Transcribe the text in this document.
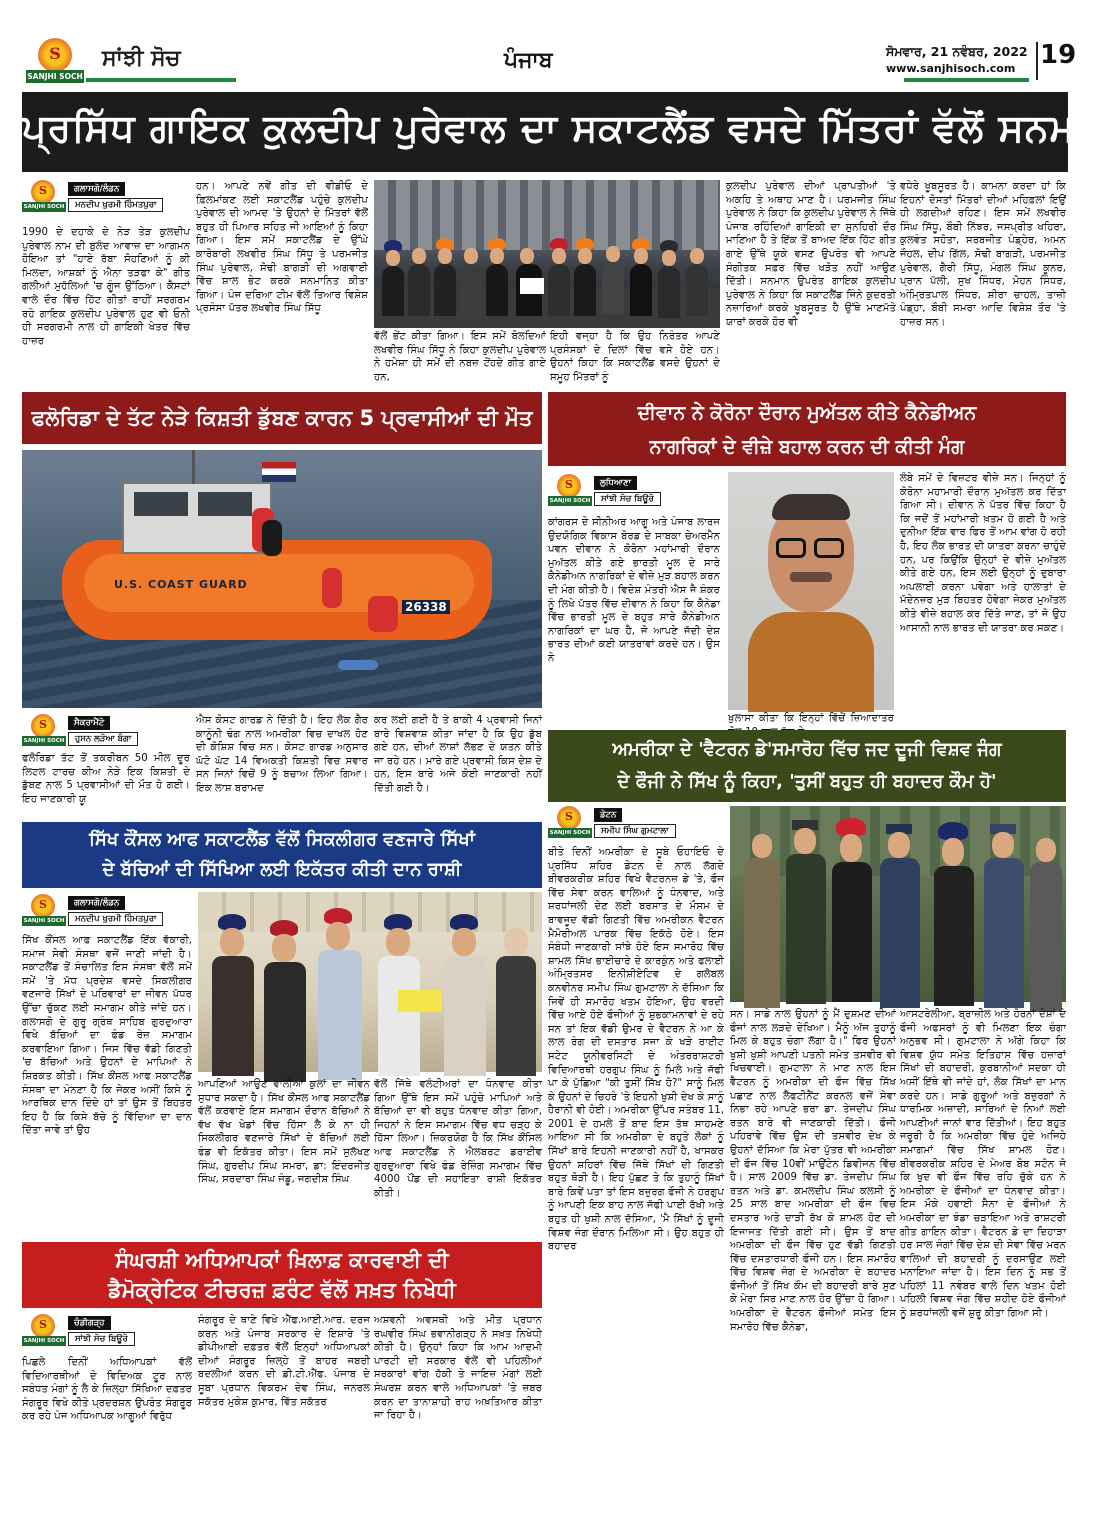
S
SANJHI SOCH
ਸਾਂਝੀ ਸੋਚ	ਪੰਜਾਬ	ਸੋਮਵਾਰ, 21 ਨਵੰਬਰ, 2022
www.sanjhisoch.com 19
ਪ੍ਰਸਿੱਧ ਗਾਇਕ ਕੁਲਦੀਪ ਪੁਰੇਵਾਲ ਦਾ ਸਕਾਟਲੈਂਡ ਵਸਦੇ ਮਿੱਤਰਾਂ ਵੱਲੋਂ ਸਨਮਾਨ
S
SANJHI SOCH
ਗਲਾਸਗੋ/ਲੰਡਨ
ਮਨਦੀਪ ਖੁਰਮੀ ਹਿੰਮਤਪੁਰਾ
1990 ਦੇ ਦਹਾਕੇ ਦੇ ਨੇੜ ਤੇੜ ਕੁਲਦੀਪ ਪੁਰੇਵਾਲ ਨਾਮ ਦੀ ਬੁਲੰਦ ਆਵਾਜ਼ ਦਾ ਆਗਮਨ ਹੋਇਆ ਤਾਂ "ਹਾਏ ਰੱਬਾ ਸੋਹਣਿਆਂ ਨੂੰ ਕੀ ਮਿਲਦਾ, ਆਸ਼ਕਾਂ ਨੂੰ ਐਨਾ ਤੜਫਾ ਕੇ" ਗੀਤ ਗਲੀਆਂ ਮੁਹੱਲਿਆਂ 'ਚ ਗੂੰਜ ਉੱਠਿਆ। ਕੈਸਟਾਂ ਵਾਲੇ ਦੌਰ ਵਿੱਚ ਹਿੱਟ ਗੀਤਾਂ ਰਾਹੀਂ ਸਰਗਰਮ ਰਹੇ ਗਾਇਕ ਕੁਲਦੀਪ ਪੁਰੇਵਾਲ ਹੁਣ ਵੀ ਓਨੀ ਹੀ ਸਰਗਰਮੀ ਨਾਲ ਹੀ ਗਾਇਕੀ ਖੇਤਰ ਵਿੱਚ ਹਾਜ਼ਰ
ਹਨ। ਆਪਣੇ ਨਵੇਂ ਗੀਤ ਦੀ ਵੀਡੀਓ ਦੇ ਫ਼ਿਲਮਾਂਕਣ ਲਈ ਸਕਾਟਲੈਂਡ ਪਹੁੰਚੇ ਕੁਲਦੀਪ ਪੁਰੇਵਾਲ ਦੀ ਆਮਦ 'ਤੇ ਉਹਨਾਂ ਦੇ ਮਿੱਤਰਾਂ ਵੱਲੋਂ ਬਹੁਤ ਹੀ ਪਿਆਰ ਸਹਿਤ ਜੀ ਆਇਆਂ ਨੂੰ ਕਿਹਾ ਗਿਆ। ਇਸ ਸਮੇਂ ਸਕਾਟਲੈਂਡ ਦੇ ਉੱਘੇ ਕਾਰੋਬਾਰੀ ਲਖਵੀਰ ਸਿੰਘ ਸਿੱਧੂ ਤੇ ਪਰਮਜੀਤ ਸਿੰਘ ਪੁਰੇਵਾਲ, ਸੋਢੀ ਬਾਗੜੀ ਦੀ ਅਗਵਾਈ ਵਿੱਚ ਸ਼ਾਲ ਭੇਟ ਕਰਕੇ ਸਨਮਾਨਿਤ ਕੀਤਾ ਗਿਆ। ਪੰਜ ਦਰਿਆ ਟੀਮ ਵੱਲੋਂ ਤਿਆਰ ਵਿਸ਼ੇਸ਼ ਪ੍ਰਸੰਸਾ ਪੱਤਰ ਲਖਵੀਰ ਸਿੰਘ ਸਿੱਧੂ
ਵੱਲੋਂ ਭੇਂਟ ਕੀਤਾ ਗਿਆ। ਇਸ ਸਮੇਂ ਬੋਲਦਿਆਂ ਲਖਵੀਰ ਸਿੰਘ ਸਿੱਧੂ ਨੇ ਕਿਹਾ ਕੁਲਦੀਪ ਪੁਰੇਵਾਲ ਨੇ ਹਮੇਸ਼ਾ ਹੀ ਸਮੇਂ ਦੀ ਨਬਜ਼ ਟੋਂਹਦੇ ਗੀਤ ਗਾਏ ਹਨ,
ਇਹੀ ਵਜ੍ਹਾ ਹੈ ਕਿ ਉਹ ਨਿਰੰਤਰ ਆਪਣੇ ਪ੍ਰਸੰਸਕਾਂ ਦੇ ਦਿਲਾਂ ਵਿੱਚ ਵਸੇ ਹੋਏ ਹਨ। ਉਹਨਾਂ ਕਿਹਾ ਕਿ ਸਕਾਟਲੈਂਡ ਵਸਦੇ ਉਹਨਾਂ ਦੇ ਸਮੂਹ ਮਿੱਤਰਾਂ ਨੂੰ
ਕੁਲਦੀਪ ਪੁਰੇਵਾਲ ਦੀਆਂ ਪ੍ਰਾਪਤੀਆਂ 'ਤੇ ਅਕਹਿ ਤੇ ਅਥਾਹ ਮਾਣ ਹੈ। ਪਰਮਜੀਤ ਸਿੰਘ ਪੁਰੇਵਾਲ ਨੇ ਕਿਹਾ ਕਿ ਕੁਲਦੀਪ ਪੁਰੇਵਾਲ ਨੇ ਜਿੱਥੇ ਪੰਜਾਬ ਰਹਿੰਦਿਆਂ ਗਾਇਕੀ ਦਾ ਸੁਨਹਿਰੀ ਦੌਰ ਮਾਣਿਆ ਹੈ ਤੇ ਇੱਕ ਤੋਂ ਬਾਅਦ ਇੱਕ ਹਿੱਟ ਗੀਤ ਗਾਏ ਉੱਥੇ ਯੂਕੇ ਵਸਣ ਉਪਰੰਤ ਵੀ ਆਪਣੇ ਸੰਗੀਤਕ ਸਫ਼ਰ ਵਿੱਚ ਖੜੋਤ ਨਹੀਂ ਆਉਣ ਦਿੱਤੀ। ਸਨਮਾਨ ਉਪਰੰਤ ਗਾਇਕ ਕੁਲਦੀਪ ਪੁਰੇਵਾਲ ਨੇ ਕਿਹਾ ਕਿ ਸਕਾਟਲੈਂਡ ਜਿੰਨੇ ਕੁਦਰਤੀ ਨਜ਼ਾਰਿਆਂ ਕਰਕੇ ਖੂਬਸੂਰਤ ਹੈ ਉੱਥੇ ਮਾਣਮੱਤੇ ਯਾਰਾਂ ਕਰਕੇ ਹੋਰ ਵੀ
ਵਧੇਰੇ ਖੂਬਸੂਰਤ ਹੈ। ਕਾਮਨਾ ਕਰਦਾ ਹਾਂ ਕਿ ਇਹਨਾਂ ਦੋਸਤਾਂ ਮਿੱਤਰਾਂ ਦੀਆਂ ਮਹਿਫ਼ਲਾਂ ਇਉਂ ਹੀ ਲਗਦੀਆਂ ਰਹਿਣ। ਇਸ ਸਮੇਂ ਲਖਵੀਰ ਸਿੰਘ ਸਿੱਧੂ, ਬੌਬੀ ਨਿੱਝਰ, ਜਸਪ੍ਰੀਤ ਖਹਿਰਾ, ਕੁਲਵੰਤ ਸਹੋਤਾ, ਸਰਬਜੀਤ ਪੰਡ੍ਹੇਰ, ਅਮਨ ਜੌਹਲ, ਦੀਪ ਗਿੱਲ, ਸੋਢੀ ਬਾਗੜੀ, ਪਰਮਜੀਤ ਪੁਰੇਵਾਲ, ਗੈਰੀ ਸਿੱਧੂ, ਮੰਗਲ ਸਿੰਘ ਕੂਨਰ, ਪ੍ਰਾਨ ਪੱਲੀ, ਸੁਖ ਸਿੰਧਰ, ਮੋਹਨ ਸਿੰਧਰ, ਅੰਮ੍ਰਿਤਪਾਲ ਸਿੰਧਰ, ਸ਼ੀਰਾ ਚਾਹਲ, ਤਾਜ਼ੀ ਪੰਡ੍ਹਾ, ਬੌਬੀ ਸਮਰਾ ਆਦਿ ਵਿਸ਼ੇਸ਼ ਤੌਰ 'ਤੇ ਹਾਜ਼ਰ ਸਨ।
ਫਲੋਰਿਡਾ ਦੇ ਤੱਟ ਨੇੜੇ ਕਿਸ਼ਤੀ ਡੁੱਬਣ ਕਾਰਨ 5 ਪ੍ਰਵਾਸੀਆਂ ਦੀ ਮੌਤ
U.S. COAST GUARD
26338
S
SANJHI SOCH
ਸੈਕਰਾਮੈਂਟੋ
ਹੁਸਨ ਲੜੋਆ ਬੰਗਾ
ਫਲੋਰਿਡਾ ਤੱਟ ਤੋਂ ਤਕਰੀਬਨ 50 ਮੀਲ ਦੂਰ ਲਿਟਲ ਟਾਰਚ ਕੀਅ ਨੇੜੇ ਇਕ ਕਿਸ਼ਤੀ ਦੇ ਡੁੱਬਣ ਨਾਲ 5 ਪ੍ਰਵਾਸੀਆਂ ਦੀ ਮੌਤ ਹੋ ਗਈ। ਇਹ ਜਾਣਕਾਰੀ ਯੂ
ਐਸ ਕੋਸਟ ਗਾਰਡ ਨੇ ਦਿੱਤੀ ਹੈ। ਇਹ ਲੋਕ ਗੈਰ ਕਾਨੂੰਨੀ ਢੰਗ ਨਾਲ ਅਮਰੀਕਾ ਵਿਚ ਦਾਖਲ ਹੋਣ ਦੀ ਕੋਸ਼ਿਸ਼ ਵਿਚ ਸਨ। ਕੋਸਟ ਗਾਰਡ ਅਨੁਸਾਰ ਘੱਟੋ ਘੱਟ 14 ਵਿਅਕਤੀ ਕਿਸ਼ਤੀ ਵਿਚ ਸਵਾਰ ਸਨ ਜਿਨਾਂ ਵਿਚੋਂ 9 ਨੂੰ ਬਚਾਅ ਲਿਆ ਗਿਆ। ਇਕ ਲਾਸ਼ ਬਰਾਮਦ
ਕਰ ਲਈ ਗਈ ਹੈ ਤੇ ਬਾਕੀ 4 ਪ੍ਰਵਾਸੀ ਜਿਨਾਂ ਬਾਰੇ ਵਿਸ਼ਵਾਸ਼ ਕੀਤਾ ਜਾਂਦਾ ਹੈ ਕਿ ਉਹ ਡੁੱਬ ਗਏ ਹਨ, ਦੀਆਂ ਲਾਸ਼ਾਂ ਲੱਭਣ ਦੇ ਯਤਨ ਕੀਤੇ ਜਾ ਰਹੇ ਹਨ। ਮਾਰੇ ਗਏ ਪ੍ਰਵਾਸੀ ਕਿਸ ਦੇਸ਼ ਦੇ ਹਨ, ਇਸ ਬਾਰੇ ਅਜੇ ਕੋਈ ਜਾਣਕਾਰੀ ਨਹੀਂ ਦਿੱਤੀ ਗਈ ਹੈ।
ਦੀਵਾਨ ਨੇ ਕੋਰੋਨਾ ਦੌਰਾਨ ਮੁਅੱਤਲ ਕੀਤੇ ਕੈਨੇਡੀਅਨ
ਨਾਗਰਿਕਾਂ ਦੇ ਵੀਜ਼ੇ ਬਹਾਲ ਕਰਨ ਦੀ ਕੀਤੀ ਮੰਗ
S
SANJHI SOCH
ਲੁਧਿਆਣਾ
ਸਾਂਝੀ ਸੋਚ ਬਿਊਰੋ
ਕਾਂਗਰਸ ਦੇ ਸੀਨੀਅਰ ਆਗੂ ਅਤੇ ਪੰਜਾਬ ਲਾਰਜ ਉਦਯੋਗਿਕ ਵਿਕਾਸ ਬੋਰਡ ਦੇ ਸਾਬਕਾ ਚੇਅਰਮੈਨ ਪਵਨ ਦੀਵਾਨ ਨੇ ਕੋਰੋਨਾ ਮਹਾਂਮਾਰੀ ਦੌਰਾਨ ਮੁਅੱਤਲ ਕੀਤੇ ਗਏ ਭਾਰਤੀ ਮੂਲ ਦੇ ਸਾਰੇ ਕੈਨੇਡੀਅਨ ਨਾਗਰਿਕਾਂ ਦੇ ਵੀਜ਼ੇ ਮੁੜ ਬਹਾਲ ਕਰਨ ਦੀ ਮੰਗ ਕੀਤੀ ਹੈ। ਵਿਦੇਸ਼ ਮੰਤਰੀ ਐਸ ਜੈ ਸ਼ੰਕਰ ਨੂੰ ਲਿਖੇ ਪੱਤਰ ਵਿੱਚ ਦੀਵਾਨ ਨੇ ਕਿਹਾ ਕਿ ਕੈਨੇਡਾ ਵਿੱਚ ਭਾਰਤੀ ਮੂਲ ਦੇ ਬਹੁਤ ਸਾਰੇ ਕੈਨੇਡੀਅਨ ਨਾਗਰਿਕਾਂ ਦਾ ਘਰ ਹੈ, ਜੋ ਆਪਣੇ ਜੱਦੀ ਦੇਸ਼ ਭਾਰਤ ਦੀਆਂ ਕਈ ਯਾਤਰਾਵਾਂ ਕਰਦੇ ਹਨ। ਉਸ ਨੇ
ਖੁਲਾਸਾ ਕੀਤਾ ਕਿ ਇਨ੍ਹਾਂ ਵਿੱਚੋਂ ਜ਼ਿਆਦਾਤਰ
ਲੰਬੇ ਸਮੇਂ ਦੇ ਵਿਜ਼ਟਰ ਵੀਜ਼ੇ ਸਨ। ਜਿਨ੍ਹਾਂ ਨੂੰ ਕੋਰੋਨਾ ਮਹਾਮਾਰੀ ਦੌਰਾਨ ਮੁਅੱਤਲ ਕਰ ਦਿੱਤਾ ਗਿਆ ਸੀ। ਦੀਵਾਨ ਨੇ ਪੱਤਰ ਵਿੱਚ ਕਿਹਾ ਹੈ ਕਿ ਜਦੋਂ ਤੋਂ ਮਹਾਂਮਾਰੀ ਖ਼ਤਮ ਹੋ ਗਈ ਹੈ ਅਤੇ ਦੁਨੀਆ ਇੱਕ ਵਾਰ ਫਿਰ ਤੋਂ ਆਮ ਵਾਂਗ ਹੋ ਰਹੀ ਹੈ, ਇਹ ਲੋਕ ਭਾਰਤ ਦੀ ਯਾਤਰਾ ਕਰਨਾ ਚਾਹੁੰਦੇ ਹਨ, ਪਰ ਕਿਉਂਕਿ ਉਨ੍ਹਾਂ ਦੇ ਵੀਜ਼ੇ ਮੁਅੱਤਲ ਕੀਤੇ ਗਏ ਹਨ, ਇਸ ਲਈ ਉਨ੍ਹਾਂ ਨੂੰ ਦੁਬਾਰਾ ਅਪਲਾਈ ਕਰਨਾ ਪਵੇਗਾ ਅਤੇ ਹਾਲਾਤਾਂ ਦੇ ਮੱਦੇਨਜ਼ਰ ਮੁੜ ਬਿਹਤਰ ਹੋਵੇਗਾ ਜੇਕਰ ਮੁਅੱਤਲ ਕੀਤੇ ਵੀਜ਼ੇ ਬਹਾਲ ਕਰ ਦਿੱਤੇ ਜਾਣ, ਤਾਂ ਜੋ ਉਹ ਆਸਾਨੀ ਨਾਲ ਭਾਰਤ ਦੀ ਯਾਤਰਾ ਕਰ ਸਕਣ।
ਅਮਰੀਕਾ ਦੇ 'ਵੈਟਰਨ ਡੇ'ਸਮਾਰੋਹ ਵਿੱਚ ਜਦ ਦੂਜੀ ਵਿਸ਼ਵ ਜੰਗ
ਦੇ ਫੌਜੀ ਨੇ ਸਿੱਖ ਨੂੰ ਕਿਹਾ, 'ਤੁਸੀਂ ਬਹੁਤ ਹੀ ਬਹਾਦਰ ਕੌਮ ਹੋ'
S
SANJHI SOCH
ਡੇਟਨ
ਸਮੀਪ ਸਿੰਘ ਗੁਮਟਾਲਾ
ਬੀਤੇ ਦਿਨੀਂ ਅਮਰੀਕਾ ਦੇ ਸੂਬੇ ਓਹਾਇਓ ਦੇ ਪ੍ਰਸਿੱਧ ਸ਼ਹਿਰ ਡੇਟਨ ਦੇ ਨਾਲ ਲੱਗਦੇ ਬੀਵਰਕਰੀਕ ਸ਼ਹਿਰ ਵਿਖੇ ਵੈਟਰਨਜ਼ ਡੇ 'ਤੇ, ਫੌਜ ਵਿੱਚ ਸੇਵਾ ਕਰਨ ਵਾਲਿਆਂ ਨੂੰ ਧੰਨਵਾਦ, ਅਤੇ ਸ਼ਰਧਾਂਜਲੀ ਦੇਣ ਲਈ ਬਰਸਾਤ ਦੇ ਮੌਸਮ ਦੇ ਬਾਵਜੂਦ ਵੱਡੀ ਗਿਣਤੀ ਵਿੱਚ ਅਮਰੀਕਨ ਵੈਟਰਨ ਮੈਮੋਰੀਅਲ ਪਾਰਕ ਵਿੱਚ ਇਕੱਠੇ ਹੋਏ। ਇਸ ਸੰਬੰਧੀ ਜਾਣਕਾਰੀ ਸਾਂਝੇ ਹੋਏ ਇਸ ਸਮਾਰੋਹ ਵਿੱਚ ਸ਼ਾਮਲ ਸਿੱਖ ਭਾਈਚਾਰੇ ਦੇ ਕਾਰਕੁੰਨ ਅਤੇ ਫਲਾਈ ਅੰਮ੍ਰਿਤਸਰ ਇਨੀਸ਼ੀਏਟਿਵ ਦੇ ਗਲੋਬਲ ਕਨਵੀਨਰ ਸਮੀਪ ਸਿੰਘ ਗੁਮਟਾਲਾ ਨੇ ਦੱਸਿਆ ਕਿ ਜਿਵੇਂ ਹੀ ਸਮਾਰੋਹ ਖਤਮ ਹੋਇਆ, ਉਹ ਵਰਦੀ ਵਿੱਚ ਆਏ ਹੋਏ ਫੌਜੀਆਂ ਨੂੰ ਸ਼ੁਭਕਾਮਨਾਵਾਂ ਦੇ ਰਹੇ ਸਨ ਤਾਂ ਇਕ ਵੱਡੀ ਉਮਰ ਦੇ ਵੈਟਰਨ ਨੇ ਆ ਕੇ ਲਾਲ ਰੰਗ ਦੀ ਦਸਤਾਰ ਸਜਾ ਕੇ ਖੜੇ ਰਾਈਟ ਸਟੇਟ ਯੂਨੀਵਰਸਿਟੀ ਦੇ ਅੰਤਰਰਾਸ਼ਟਰੀ ਵਿਦਿਆਰਥੀ ਹਰਗੁਪ ਸਿੰਘ ਨੂੰ ਮਿਲੇ ਅਤੇ ਜੱਫੀ ਪਾ ਕੇ ਪੁੱਛਿਆ "ਕੀ ਤੁਸੀਂ ਸਿੱਖ ਹੋ?" ਸਾਨੂੰ ਮਿਲ ਕੇ ਉਹਨਾਂ ਦੇ ਚਿਹਰੇ 'ਤੇ ਇਹਨੀ ਖੁਸ਼ੀ ਦੇਖ ਕੇ ਸਾਨੂੰ ਹੈਰਾਨੀ ਵੀ ਹੋਈ। ਅਮਰੀਕਾ ਉੱਪਰ ਸਤੰਬਰ 11, 2001 ਦੇ ਹਮਲੇ ਤੋਂ ਬਾਦ ਇਸ ਤੱਥ ਸਾਹਮਣੇ ਆਇਆ ਸੀ ਕਿ ਅਮਰੀਕਾ ਦੇ ਬਹੁਤੇ ਲੋਕਾਂ ਨੂੰ ਸਿੱਖਾਂ ਬਾਰੇ ਇਹਨੀ ਜਾਣਕਾਰੀ ਨਹੀਂ ਹੈ, ਖਾਸਕਰ ਉਹਨਾਂ ਸ਼ਹਿਰਾਂ ਵਿੱਚ ਜਿੱਥੇ ਸਿੱਖਾਂ ਦੀ ਗਿਣਤੀ ਬਹੁਤ ਥੋੜੀ ਹੈ। ਇਹ ਪੁੱਛਣ ਤੇ ਕਿ ਤੁਹਾਨੂੰ ਸਿੱਖਾਂ ਬਾਰੇ ਕਿਵੇਂ ਪਤਾ ਤਾਂ ਇਸ ਬਜ਼ੁਰਗ ਫੌਜੀ ਨੇ ਹਰਗੁਪ ਨੂੰ ਆਪਣੀ ਇਕ ਬਾਹ ਨਾਲ ਜੱਫੀ ਪਾਈ ਰੱਖੀ ਅਤੇ ਬਹੁਤ ਹੀ ਖੁਸ਼ੀ ਨਾਲ ਦੱਸਿਆ, 'ਮੈ ਸਿੱਖਾਂ ਨੂੰ ਦੂਜੀ ਵਿਸ਼ਵ ਜੰਗ ਦੌਰਾਨ ਮਿਲਿਆ ਸੀ। ਉਹ ਬਹੁਤ ਹੀ ਬਹਾਦਰ
ਸਨ। ਸਾਡੇ ਨਾਲ ਉਹਨਾਂ ਨੂੰ ਮੈਂ ਦੁਸ਼ਮਣ ਦੀਆਂ ਫੌਜਾਂ ਨਾਲ ਲੜਦੇ ਦੇਖਿਆ। ਮੈਨੂੰ ਅੱਜ ਤੁਹਾਨੂੰ ਮਿਲ ਕੇ ਬਹੁਤ ਚੰਗਾ ਲੱਗਾ ਹੈ।" ਫਿਰ ਉਹਨਾਂ ਖੁਸ਼ੀ ਖੁਸ਼ੀ ਆਪਣੀ ਪਤਨੀ ਸਮੇਤ ਤਸਵੀਰ ਵੀ ਖਿਚਵਾਈ। ਗੁਮਟਾਲਾ ਨੇ ਮਾਣ ਨਾਲ ਇਸ ਵੈਟਰਨ ਨੂੰ ਅਮਰੀਕਾ ਦੀ ਫੌਜ ਵਿੱਚ ਸਿੱਖ ਪਛਾਣ ਨਾਲ ਲੈਫਟੀਨੈਂਟ ਕਰਨਲ ਵਜੋਂ ਸੇਵਾ ਨਿਭਾ ਰਹੇ ਆਪਣੇ ਭਰਾ ਡਾ. ਤੇਜਦੀਪ ਸਿੰਘ ਰਤਨ ਬਾਰੇ ਵੀ ਜਾਣਕਾਰੀ ਦਿੱਤੀ। ਫੌਜੀ ਪਹਿਰਾਵੇ ਵਿੱਚ ਉਸ ਦੀ ਤਸਵੀਰ ਦੇਖ ਕੇ ਉਹਨਾਂ ਦੱਸਿਆ ਕਿ ਮੇਰਾ ਪੁੱਤਰ ਵੀ ਅਮਰੀਕਾ ਦੀ ਫੌਜ ਵਿੱਚ 10ਵੀਂ ਮਾਉਂਟੇਨ ਡਿਵੀਜਨ ਵਿੱਚ ਹੈ। ਸਾਲ 2009 ਵਿੱਚ ਡਾ. ਤੇਜਦੀਪ ਸਿੰਘ ਰਤਨ ਅਤੇ ਡਾ. ਕਮਲਦੀਪ ਸਿੰਘ ਕਲਸੀ ਨੂੰ 25 ਸਾਲ ਬਾਦ ਅਮਰੀਕਾ ਦੀ ਫੌਜ ਵਿਚ ਦਸਤਾਰ ਅਤੇ ਦਾੜੀ ਰੱਖ ਕੇ ਸ਼ਾਮਲ ਹੋਣ ਦੀ ਇਜਾਜਤ ਦਿੱਤੀ ਗਈ ਸੀ। ਉਸ ਤੋਂ ਬਾਦ ਅਮਰੀਕਾ ਦੀ ਫੌਜ ਵਿੱਚ ਹੁਣ ਵੱਡੀ ਗਿਣਤੀ ਵਿੱਚ ਦਸਤਾਰਧਾਰੀ ਫੌਜੀ ਹਨ। ਇਸ ਸਮਾਰੋਹ ਵਿੱਚ ਵਿਸ਼ਵ ਜੰਗ ਦੇ ਅਮਰੀਕਾ ਦੇ ਬਹਾਦਰ ਫੌਜੀਆਂ ਤੋਂ ਸਿੱਖ ਕੌਮ ਦੀ ਬਹਾਦਰੀ ਬਾਰੇ ਸੁਣ ਕੇ ਮੇਰਾ ਸਿਰ ਮਾਣ ਨਾਲ ਹੋਰ ਉੱਚਾ ਹੋ ਗਿਆ। ਅਮਰੀਕਾ ਦੇ ਵੈਟਰਨ ਫੌਜੀਆਂ ਸਮੇਤ ਇਸ ਸਮਾਰੋਹ ਵਿੱਚ ਕੈਨੇਡਾ,
ਆਸਟਰੇਲੀਆ, ਬ੍ਰਾਜ਼ੀਲ ਅਤੇ ਹੋਰਨਾਂ ਦੇਸ਼ਾਂ ਦੇ ਫੌਜੀ ਅਫਸਰਾਂ ਨੂੰ ਵੀ ਮਿਲਣਾ ਇਕ ਚੰਗਾ ਅਨੁਭਵ ਸੀ। ਗੁਮਟਾਲਾ ਨੇ ਅੱਗੇ ਕਿਹਾ ਕਿ ਵਿਸ਼ਵ ਯੁੱਧ ਸਮੇਤ ਇਤਿਹਾਸ ਵਿੱਚ ਹਜ਼ਾਰਾਂ ਸਿੱਖਾਂ ਦੀ ਬਹਾਦਰੀ, ਕੁਰਬਾਨੀਆਂ ਸਦਕਾ ਹੀ ਅਸੀਂ ਇੱਥੇ ਵੀ ਜਾਂਦੇ ਹਾਂ, ਲੋਕ ਸਿੱਖਾਂ ਦਾ ਮਾਨ ਕਰਦੇ ਹਨ। ਸਾਡੇ ਗੁਰੂਆਂ ਅਤੇ ਬਜ਼ੁਰਗਾਂ ਨੇ ਧਾਰਮਿਕ ਅਜ਼ਾਦੀ, ਸਾਰਿਆਂ ਦੇ ਨਿਆਂ ਲਈ ਆਪਣੀਆਂ ਜਾਨਾਂ ਵਾਰ ਦਿੱਤੀਆਂ। ਇਹ ਬਹੁਤ ਜਰੂਰੀ ਹੈ ਕਿ ਅਮਰੀਕਾ ਵਿੱਚ ਹੁੰਦੇ ਅਜਿਹੇ ਸਮਾਗਮਾਂ ਵਿੱਚ ਸਿੱਖ ਸ਼ਾਮਲ ਹੋਣ। ਬੀਵਰਕਰੀਕ ਸ਼ਹਿਰ ਦੇ ਮੇਅਰ ਬੋਬ ਸਟੋਨ ਜੋ ਕਿ ਖੁਦ ਵੀ ਫੌਜ ਵਿੱਚ ਰਹਿ ਚੁੱਕੇ ਹਨ ਨੇ ਅਮਰੀਕਾ ਦੇ ਫੌਜੀਆਂ ਦਾ ਧੰਨਵਾਦ ਕੀਤਾ। ਇਸ ਮੌਕੇ ਹਵਾਈ ਸੈਨਾ ਦੇ ਫੌਜੀਆਂ ਨੇ ਅਮਰੀਕਾ ਦਾ ਝੰਡਾ ਚੜਾਇਆ ਅਤੇ ਰਾਸ਼ਟਰੀ ਗੀਤ ਗਾਇਨ ਕੀਤਾ। ਵੈਟਰਨ ਡੇ ਦਾ ਦਿਹਾੜਾ ਹਰ ਸਾਲ ਜੰਗਾਂ ਵਿੱਚ ਦੇਸ਼ ਦੀ ਸੇਵਾ ਵਿੱਚ ਮਰਨ ਵਾਲਿਆਂ ਦੀ ਬਹਾਦਰੀ ਨੂੰ ਦਰਸਾਉਣ ਲਈ ਮਨਾਇਆ ਜਾਂਦਾ ਹੈ। ਇਸ ਦਿਨ ਨੂੰ ਸਭ ਤੋਂ ਪਹਿਲਾਂ 11 ਨਵੰਬਰ ਵਾਲੇ ਦਿਨ ਖਤਮ ਹੋਈ ਪਹਿਲੀ ਵਿਸ਼ਵ ਜੰਗ ਵਿੱਚ ਸ਼ਹੀਦ ਹੋਏ ਫੌਜੀਆਂ ਨੂੰ ਸ਼ਰਧਾਂਜਲੀ ਵਜੋਂ ਸ਼ੁਰੂ ਕੀਤਾ ਗਿਆ ਸੀ।
ਸਿੱਖ ਕੌਂਸਲ ਆਫ ਸਕਾਟਲੈਂਡ ਵੱਲੋਂ ਸਿਕਲੀਗਰ ਵਣਜਾਰੇ ਸਿੱਖਾਂ
ਦੇ ਬੱਚਿਆਂ ਦੀ ਸਿੱਖਿਆ ਲਈ ਇਕੱਤਰ ਕੀਤੀ ਦਾਨ ਰਾਸ਼ੀ
S
SANJHI SOCH
ਗਲਾਸਗੋ/ਲੰਡਨ
ਮਨਦੀਪ ਖੁਰਮੀ ਹਿੰਮਤਪੁਰਾ
ਸਿੱਖ ਕੌਂਸਲ ਆਫ ਸਕਾਟਲੈਂਡ ਇੱਕ ਵੱਕਾਰੀ, ਸਮਾਜ ਸੇਵੀ ਸੰਸਥਾ ਵਜੋਂ ਜਾਣੀ ਜਾਂਦੀ ਹੈ। ਸਕਾਟਲੈਂਡ ਤੋਂ ਸੰਚਾਲਿਤ ਇਸ ਸੰਸਥਾ ਵੱਲੋਂ ਸਮੇਂ ਸਮੇਂ 'ਤੇ ਮੱਧ ਪ੍ਰਦੇਸ਼ ਵਸਦੇ ਸਿਕਲੀਗਰ ਵਣਜਾਰੇ ਸਿੱਖਾਂ ਦੇ ਪਰਿਵਾਰਾਂ ਦਾ ਜੀਵਨ ਪੱਧਰ ਉੱਚਾ ਚੁੱਕਣ ਲਈ ਸਮਾਗਮ ਕੀਤੇ ਜਾਂਦੇ ਹਨ। ਗਲਾਸਗੋ ਦੇ ਗੁਰੂ ਗ੍ਰੰਥ ਸਾਹਿਬ ਗੁਰਦੁਆਰਾ ਵਿਖੇ ਬੱਚਿਆਂ ਦਾ ਫੰਡ ਰੇਜ਼ ਸਮਾਗਮ ਕਰਵਾਇਆ ਗਿਆ। ਜਿਸ ਵਿੱਚ ਵੱਡੀ ਗਿਣਤੀ 'ਚ ਬੱਚਿਆਂ ਅਤੇ ਉਹਨਾਂ ਦੇ ਮਾਪਿਆਂ ਨੇ ਸ਼ਿਰਕਤ ਕੀਤੀ। ਸਿੱਖ ਕੌਂਸਲ ਆਫ ਸਕਾਟਲੈਂਡ ਸੰਸਥਾ ਦਾ ਮੰਨਣਾ ਹੈ ਕਿ ਜੇਕਰ ਅਸੀਂ ਕਿਸੇ ਨੂੰ ਆਰਥਿਕ ਦਾਨ ਦਿੰਦੇ ਹਾਂ ਤਾਂ ਉਸ ਤੋਂ ਬਿਹਤਰ ਇਹ ਹੈ ਕਿ ਕਿਸੇ ਬੱਚੇ ਨੂੰ ਵਿੱਦਿਆ ਦਾ ਦਾਨ ਦਿੱਤਾ ਜਾਵੇ ਤਾਂ ਉਹ
ਆਪਣਿਆਂ ਆਉਣ ਵਾਲੀਆਂ ਕੁਲਾਂ ਦਾ ਜੀਵਨ ਸੁਧਾਰ ਸਕਦਾ ਹੈ। ਸਿੱਖ ਕੌਂਸਲ ਆਫ ਸਕਾਟਲੈਂਡ ਵੱਲੋਂ ਕਰਵਾਏ ਇਸ ਸਮਾਗਮ ਦੌਰਾਨ ਬੱਚਿਆਂ ਨੇ ਵੱਖ ਵੱਖ ਖੇਡਾਂ ਵਿੱਚ ਹਿੱਸਾ ਲੈ ਕੇ ਨਾ ਹੀ ਸਿਕਲੀਗਰ ਵਣਜਾਰੇ ਸਿੱਖਾਂ ਦੇ ਬੱਚਿਆਂ ਲਈ ਫੰਡ ਵੀ ਇਕੱਤਰ ਕੀਤਾ। ਇਸ ਸਮੇਂ ਸੁਲੱਖਣ ਸਿੰਘ, ਗੁਰਦੀਪ ਸਿੰਘ ਸਮਰਾ, ਡਾ: ਇੰਦਰਜੀਤ ਸਿੰਘ, ਸਰਦਾਰਾ ਸਿੰਘ ਜੰਡੂ, ਜਗਦੀਸ਼ ਸਿੰਘ
ਵੱਲੋਂ ਜਿੱਥੇ ਵਲੰਟੀਅਰਾਂ ਦਾ ਧੰਨਵਾਦ ਕੀਤਾ ਗਿਆ ਉੱਥੇ ਇਸ ਸਮੇਂ ਪਹੁੰਚੇ ਮਾਪਿਆਂ ਅਤੇ ਬੱਚਿਆਂ ਦਾ ਵੀ ਬਹੁਤ ਧੰਨਵਾਦ ਕੀਤਾ ਗਿਆ, ਜਿਹਨਾਂ ਨੇ ਇਸ ਸਮਾਗਮ ਵਿੱਚ ਵਧ ਚੜ੍ਹ ਕੇ ਹਿੱਸਾ ਲਿਆ। ਜ਼ਿਕਰਯੋਗ ਹੈ ਕਿ ਸਿੱਖ ਕੌਂਸਿਲ ਆਫ ਸਕਾਟਲੈਂਡ ਨੇ ਐਲਬਰਟ ਡਰਾਈਵ ਗੁਰਦੁਆਰਾ ਵਿਖੇ ਫੰਡ ਰੇਜ਼ਿੰਗ ਸਮਾਗਮ ਵਿੱਚ 4000 ਪੌਂਡ ਦੀ ਸਹਾਇਤਾ ਰਾਸ਼ੀ ਇਕੱਤਰ ਕੀਤੀ।
ਸੰਘਰਸ਼ੀ ਅਧਿਆਪਕਾਂ ਖ਼ਿਲਾਫ਼ ਕਾਰਵਾਈ ਦੀ
ਡੈਮੋਕ੍ਰੇਟਿਕ ਟੀਚਰਜ਼ ਫ਼ਰੰਟ ਵੱਲੋਂ ਸਖ਼ਤ ਨਿਖੇਧੀ
S
SANJHI SOCH
ਚੰਡੀਗੜ੍ਹ
ਸਾਂਝੀ ਸੋਚ ਬਿਊਰੋ
ਪਿਛਲੇ ਦਿਨੀਂ ਅਧਿਆਪਕਾਂ ਵੱਲੋਂ ਵਿਦਿਆਰਥੀਆਂ ਦੇ ਵਿਦਿਅਕ ਟੂਰ ਨਾਲ ਸਬੰਧਤ ਮੰਗਾਂ ਨੂੰ ਲੈ ਕੇ ਜ਼ਿਲ੍ਹਾ ਸਿੱਖਿਆ ਦਫ਼ਤਰ ਸੰਗਰੂਰ ਵਿਖੇ ਕੀਤੇ ਪ੍ਰਦਰਸ਼ਨ ਉਪਰੰਤ ਸੰਗਰੂਰ ਕਰ ਰਹੇ ਪੰਜ ਅਧਿਆਪਕ ਆਗੂਆਂ ਵਿਰੁੱਧ
ਸੰਗਰੂਰ ਦੇ ਥਾਣੇ ਵਿਖੇ ਐੱਫ.ਆਈ.ਆਰ. ਦਰਜ ਕਰਨ ਅਤੇ ਪੰਜਾਬ ਸਰਕਾਰ ਦੇ ਇਸ਼ਾਰੇ 'ਤੇ ਡੀਪੀਆਈ ਦਫ਼ਤਰ ਵੱਲੋਂ ਇਨ੍ਹਾਂ ਅਧਿਆਪਕਾਂ ਦੀਆਂ ਸੰਗਰੂਰ ਜ਼ਿਲ੍ਹੇ ਤੋਂ ਬਾਹਰ ਜਬਰੀ ਬਦਲੀਆਂ ਕਰਨ ਦੀ ਡੀ.ਟੀ.ਐੱਫ. ਪੰਜਾਬ ਦੇ ਸੂਬਾ ਪ੍ਰਧਾਨ ਵਿਕਰਮ ਦੇਵ ਸਿੰਘ, ਜਨਰਲ ਸਕੱਤਰ ਮੁਕੇਸ਼ ਕੁਮਾਰ, ਵਿੱਤ ਸਕੱਤਰ
ਅਸ਼ਵਨੀ ਅਵਸਥੀ ਅਤੇ ਮੀਤ ਪ੍ਰਧਾਨ ਰਘਵੀਰ ਸਿੰਘ ਭਵਾਨੀਗੜ੍ਹ ਨੇ ਸਖ਼ਤ ਨਿਖੇਧੀ ਕੀਤੀ ਹੈ। ਉਨ੍ਹਾਂ ਕਿਹਾ ਕਿ ਆਮ ਆਦਮੀ ਪਾਰਟੀ ਦੀ ਸਰਕਾਰ ਵੱਲੋਂ ਵੀ ਪਹਿਲੀਆਂ ਸਰਕਾਰਾਂ ਵਾਂਗ ਹੱਕੀ ਤੇ ਜਾਇਜ਼ ਮੰਗਾਂ ਲਈ ਸੰਘਰਸ਼ ਕਰਨ ਵਾਲੇ ਅਧਿਆਪਕਾਂ 'ਤੇ ਜ਼ਬਰ ਕਰਨ ਦਾ ਤਾਨਾਸ਼ਾਹੀ ਰਾਹ ਅਖ਼ਤਿਆਰ ਕੀਤਾ ਜਾ ਰਿਹਾ ਹੈ।
